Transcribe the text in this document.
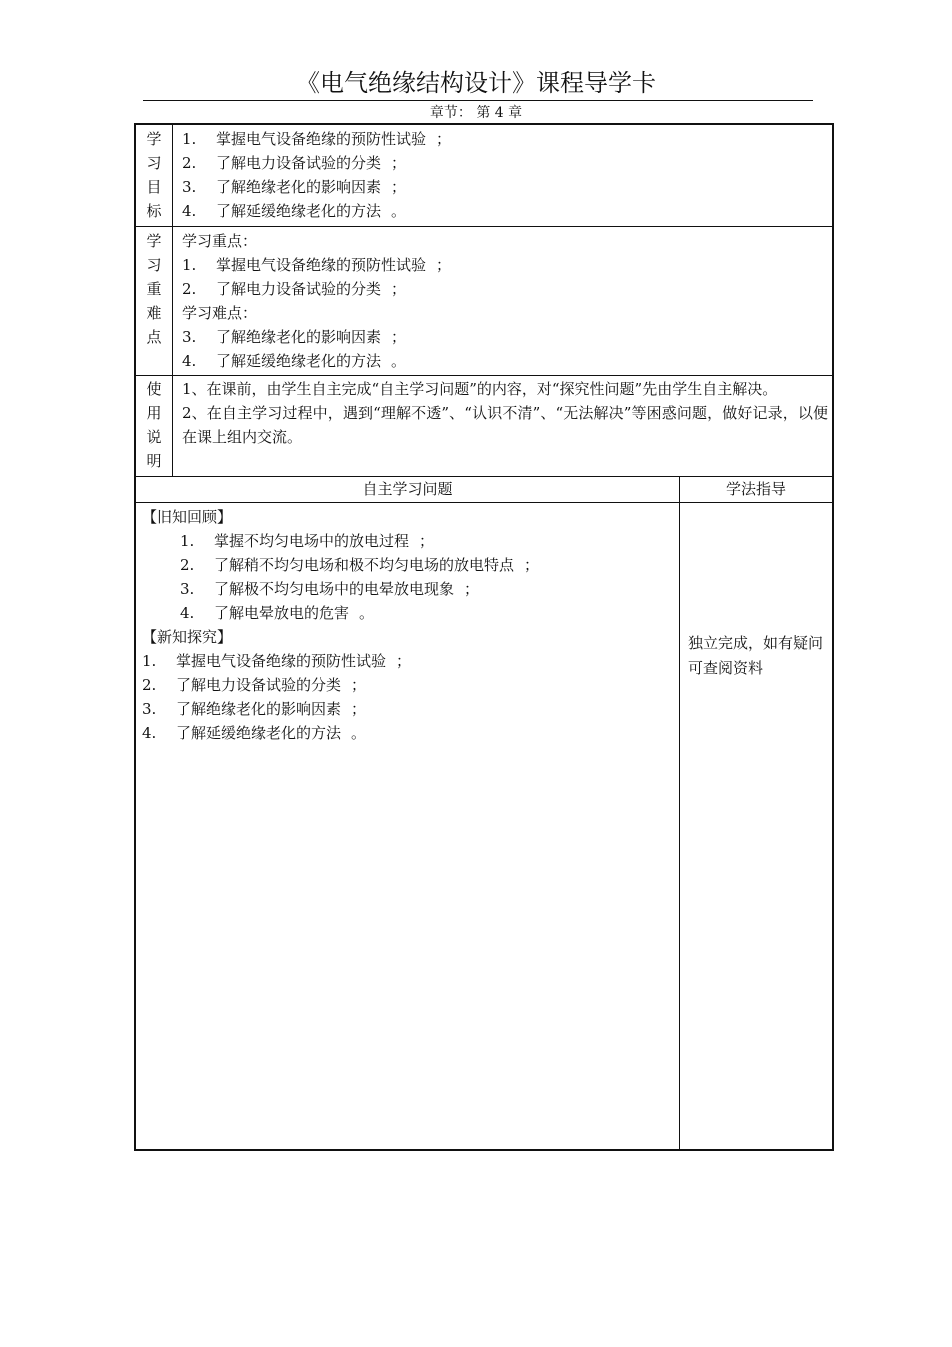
《电气绝缘结构设计》课程导学卡
章节： 第 4 章
学
习
目
标
1. 掌握电气设备绝缘的预防性试验 ；
2. 了解电力设备试验的分类 ；
3. 了解绝缘老化的影响因素 ；
4. 了解延缓绝缘老化的方法 。
学
习
重
难
点
学习重点：
1. 掌握电气设备绝缘的预防性试验 ；
2. 了解电力设备试验的分类 ；
学习难点：
3. 了解绝缘老化的影响因素 ；
4. 了解延缓绝缘老化的方法 。
使
用
说
明
1、在课前，由学生自主完成“自主学习问题”的内容，对“探究性问题”先由学生自主解决。
2、在自主学习过程中，遇到“理解不透”、“认识不清”、“无法解决”等困惑问题，做好记录，以便在课上组内交流。
自主学习问题	学法指导
【旧知回顾】
1. 掌握不均匀电场中的放电过程 ；
2. 了解稍不均匀电场和极不均匀电场的放电特点 ；
3. 了解极不均匀电场中的电晕放电现象 ；
4. 了解电晕放电的危害 。
【新知探究】
1. 掌握电气设备绝缘的预防性试验 ；
2. 了解电力设备试验的分类 ；
3. 了解绝缘老化的影响因素 ；
4. 了解延缓绝缘老化的方法 。
独立完成，如有疑问可查阅资料
